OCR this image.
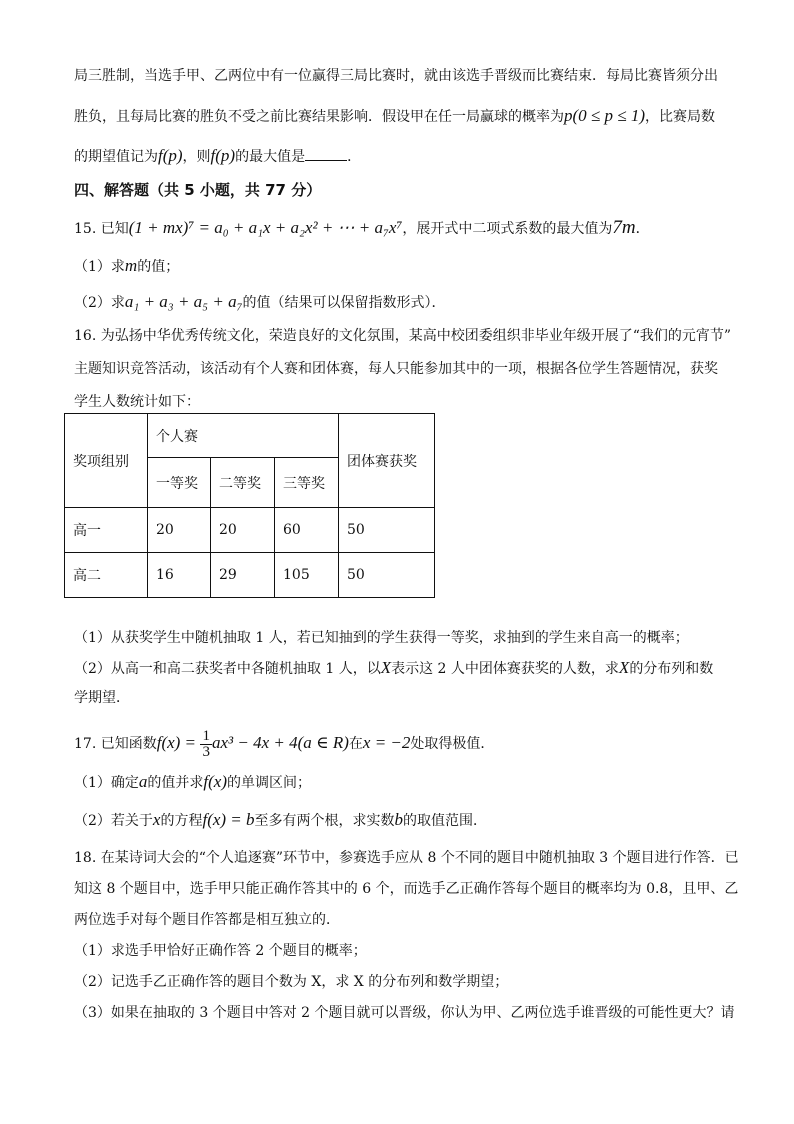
局三胜制，当选手甲、乙两位中有一位赢得三局比赛时，就由该选手晋级而比赛结束．每局比赛皆须分出
胜负，且每局比赛的胜负不受之前比赛结果影响．假设甲在任一局赢球的概率为p(0 ≤ p ≤ 1)，比赛局数
的期望值记为f(p)，则f(p)的最大值是	．
四、解答题（共 5 小题，共 77 分）
15. 已知(1 + mx)⁷ = a₀ + a₁x + a₂x² + ⋯ + a₇x⁷，展开式中二项式系数的最大值为7m．
（1）求m的值；
（2）求a₁ + a₃ + a₅ + a₇的值（结果可以保留指数形式）．
16. 为弘扬中华优秀传统文化，荣造良好的文化氛围，某高中校团委组织非毕业年级开展了“我们的元宵节”
主题知识竞答活动，该活动有个人赛和团体赛，每人只能参加其中的一项，根据各位学生答题情况，获奖
学生人数统计如下：
奖项组别	个人赛			团体赛获奖
	一等奖	二等奖	三等奖	
高一	20	20	60	50
高二	16	29	105	50
（1）从获奖学生中随机抽取 1 人，若已知抽到的学生获得一等奖，求抽到的学生来自高一的概率；
（2）从高一和高二获奖者中各随机抽取 1 人，以X表示这 2 人中团体赛获奖的人数，求X的分布列和数
学期望．
17. 已知函数$f(x) = \frac{1}{3} ax^3 - 4x + 4(a$ ∈ R)在x = −2处取得极值．
（1）确定a的值并求f(x)的单调区间；
（2）若关于x的方程f(x) = b至多有两个根，求实数b的取值范围．
18. 在某诗词大会的“个人追逐赛”环节中，参赛选手应从 8 个不同的题目中随机抽取 3 个题目进行作答．已
知这 8 个题目中，选手甲只能正确作答其中的 6 个，而选手乙正确作答每个题目的概率均为 0.8，且甲、乙
两位选手对每个题目作答都是相互独立的．
（1）求选手甲恰好正确作答 2 个题目的概率；
（2）记选手乙正确作答的题目个数为 X，求 X 的分布列和数学期望；
（3）如果在抽取的 3 个题目中答对 2 个题目就可以晋级，你认为甲、乙两位选手谁晋级的可能性更大？请
